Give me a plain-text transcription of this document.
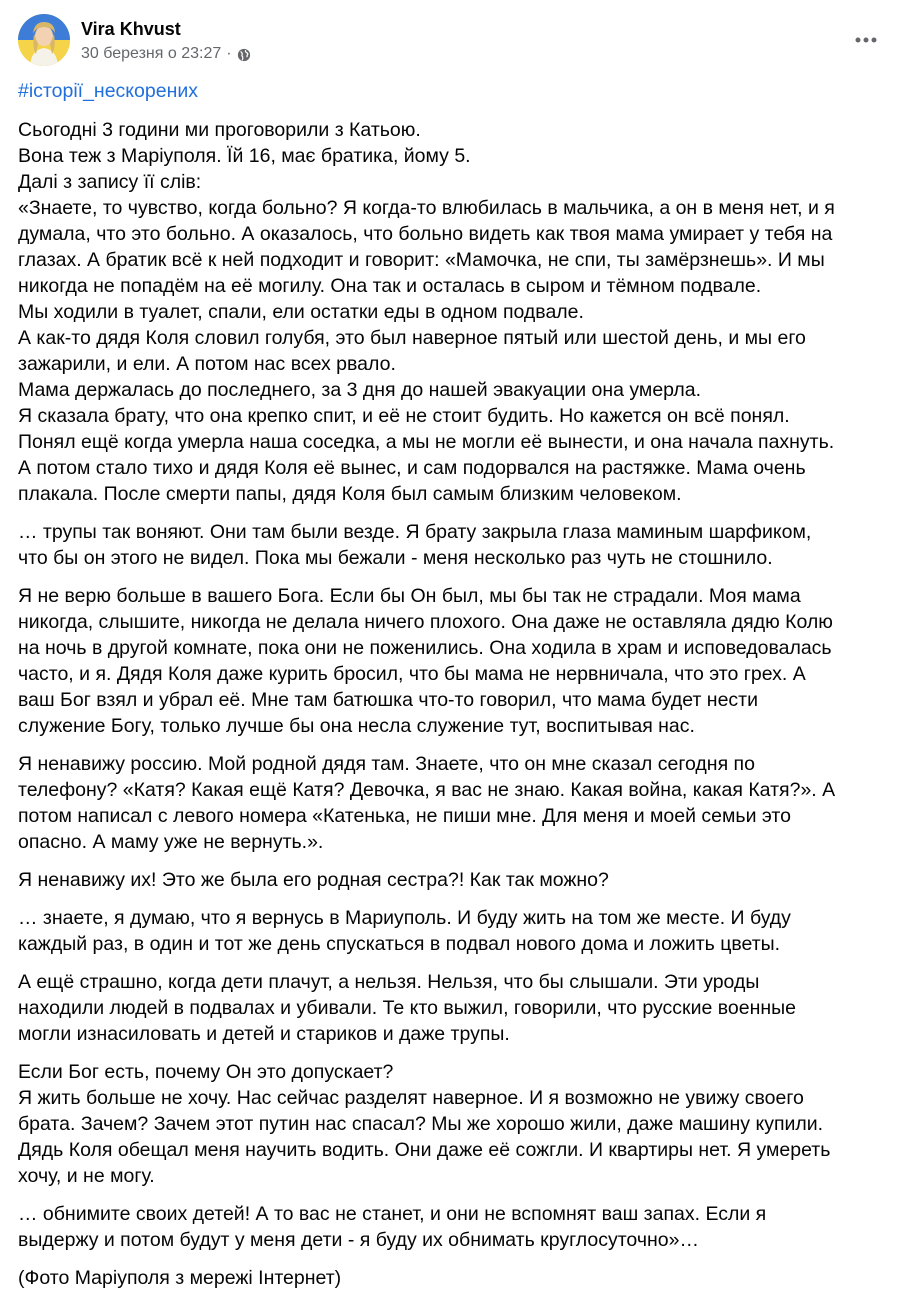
Vira Khvust
30 березня о 23:27 ·
#історії_нескорених
Сьогодні 3 години ми проговорили з Катьою.
Вона теж з Маріуполя. Їй 16, має братика, йому 5.
Далі з запису її слів:
«Знаете, то чувство, когда больно? Я когда-то влюбилась в мальчика, а он в меня нет, и я
думала, что это больно. А оказалось, что больно видеть как твоя мама умирает у тебя на
глазах. А братик всё к ней подходит и говорит: «Мамочка, не спи, ты замёрзнешь». И мы
никогда не попадём на её могилу. Она так и осталась в сыром и тёмном подвале.
Мы ходили в туалет, спали, ели остатки еды в одном подвале.
А как-то дядя Коля словил голубя, это был наверное пятый или шестой день, и мы его
зажарили, и ели. А потом нас всех рвало.
Мама держалась до последнего, за 3 дня до нашей эвакуации она умерла.
Я сказала брату, что она крепко спит, и её не стоит будить. Но кажется он всё понял.
Понял ещё когда умерла наша соседка, а мы не могли её вынести, и она начала пахнуть.
А потом стало тихо и дядя Коля её вынес, и сам подорвался на растяжке. Мама очень
плакала. После смерти папы, дядя Коля был самым близким человеком.
… трупы так воняют. Они там были везде. Я брату закрыла глаза маминым шарфиком,
что бы он этого не видел. Пока мы бежали - меня несколько раз чуть не стошнило.
Я не верю больше в вашего Бога. Если бы Он был, мы бы так не страдали. Моя мама
никогда, слышите, никогда не делала ничего плохого. Она даже не оставляла дядю Колю
на ночь в другой комнате, пока они не поженились. Она ходила в храм и исповедовалась
часто, и я. Дядя Коля даже курить бросил, что бы мама не нервничала, что это грех. А
ваш Бог взял и убрал её. Мне там батюшка что-то говорил, что мама будет нести
служение Богу, только лучше бы она несла служение тут, воспитывая нас.
Я ненавижу россию. Мой родной дядя там. Знаете, что он мне сказал сегодня по
телефону? «Катя? Какая ещё Катя? Девочка, я вас не знаю. Какая война, какая Катя?». А
потом написал с левого номера «Катенька, не пиши мне. Для меня и моей семьи это
опасно. А маму уже не вернуть.».
Я ненавижу их! Это же была его родная сестра?! Как так можно?
… знаете, я думаю, что я вернусь в Мариуполь. И буду жить на том же месте. И буду
каждый раз, в один и тот же день спускаться в подвал нового дома и ложить цветы.
А ещё страшно, когда дети плачут, а нельзя. Нельзя, что бы слышали. Эти уроды
находили людей в подвалах и убивали. Те кто выжил, говорили, что русские военные
могли изнасиловать и детей и стариков и даже трупы.
Если Бог есть, почему Он это допускает?
Я жить больше не хочу. Нас сейчас разделят наверное. И я возможно не увижу своего
брата. Зачем? Зачем этот путин нас спасал? Мы же хорошо жили, даже машину купили.
Дядь Коля обещал меня научить водить. Они даже её сожгли. И квартиры нет. Я умереть
хочу, и не могу.
… обнимите своих детей! А то вас не станет, и они не вспомнят ваш запах. Если я
выдержу и потом будут у меня дети - я буду их обнимать круглосуточно»…
(Фото Маріуполя з мережі Інтернет)
